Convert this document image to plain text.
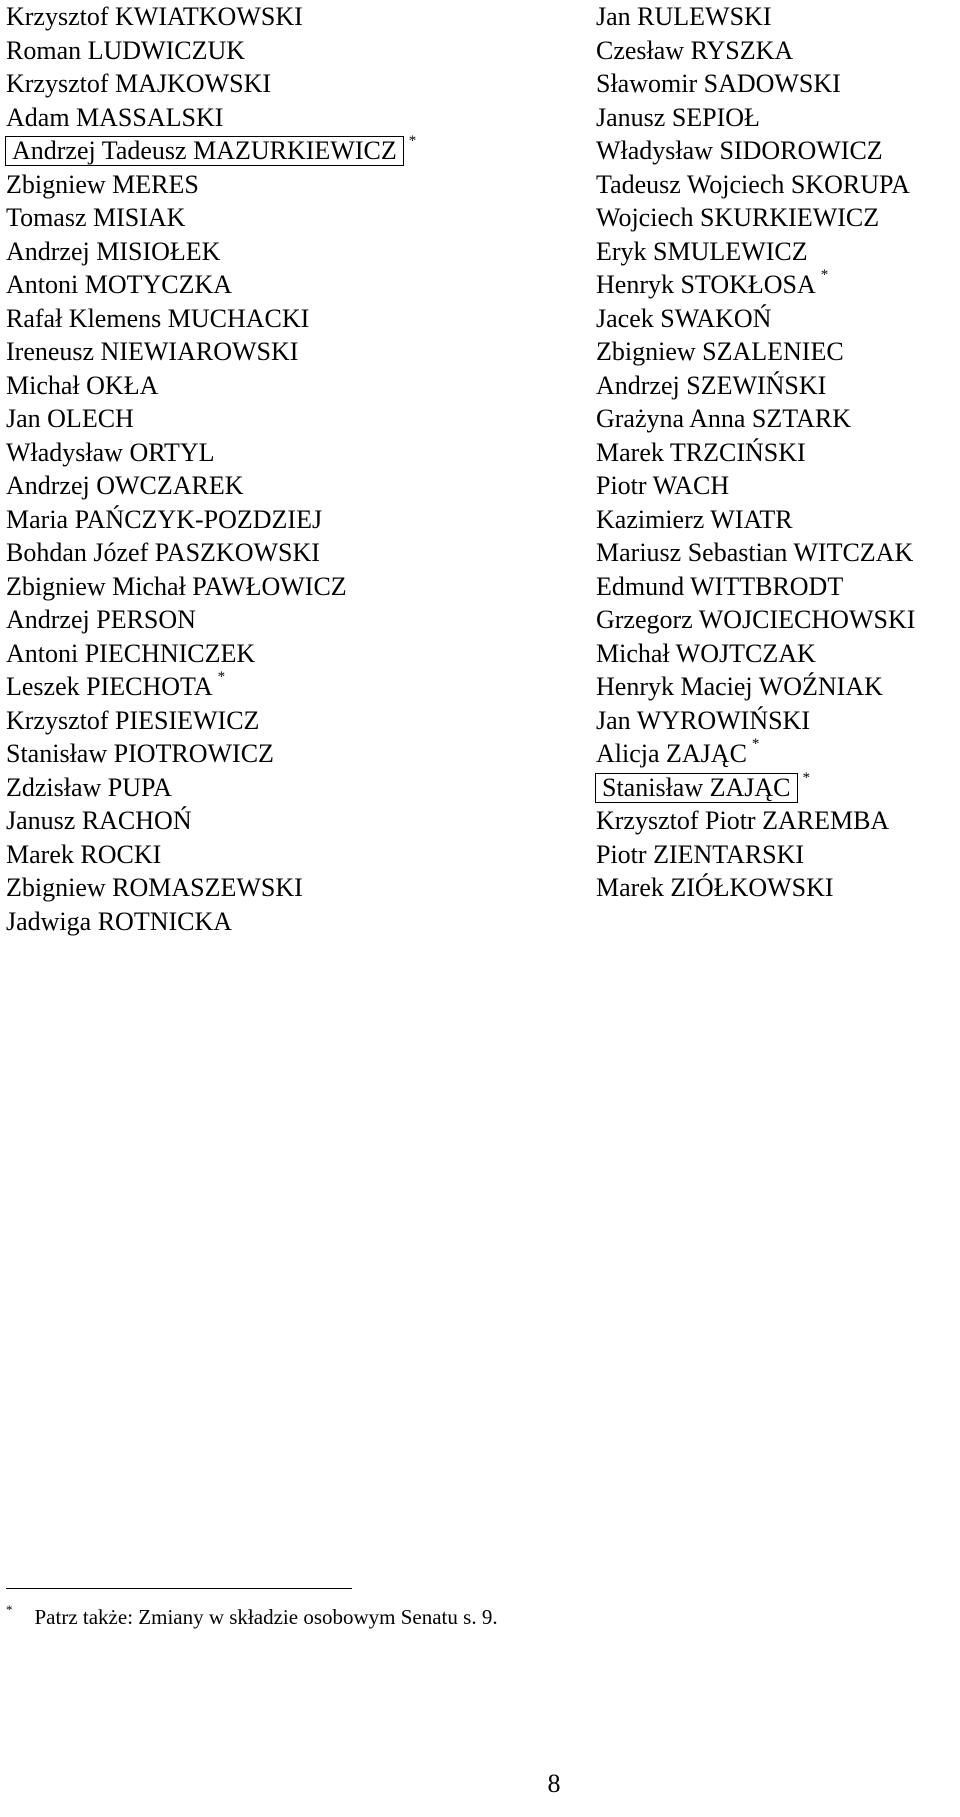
Krzysztof KWIATKOWSKI
Roman LUDWICZUK
Krzysztof MAJKOWSKI
Adam MASSALSKI
Andrzej Tadeusz MAZURKIEWICZ *
Zbigniew MERES
Tomasz MISIAK
Andrzej MISIOŁEK
Antoni MOTYCZKA
Rafał Klemens MUCHACKI
Ireneusz NIEWIAROWSKI
Michał OKŁA
Jan OLECH
Władysław ORTYL
Andrzej OWCZAREK
Maria PAŃCZYK-POZDZIEJ
Bohdan Józef PASZKOWSKI
Zbigniew Michał PAWŁOWICZ
Andrzej PERSON
Antoni PIECHNICZEK
Leszek PIECHOTA *
Krzysztof PIESIEWICZ
Stanisław PIOTROWICZ
Zdzisław PUPA
Janusz RACHOŃ
Marek ROCKI
Zbigniew ROMASZEWSKI
Jadwiga ROTNICKA
Jan RULEWSKI
Czesław RYSZKA
Sławomir SADOWSKI
Janusz SEPIOŁ
Władysław SIDOROWICZ
Tadeusz Wojciech SKORUPA
Wojciech SKURKIEWICZ
Eryk SMULEWICZ
Henryk STOKŁOSA *
Jacek SWAKOŃ
Zbigniew SZALENIEC
Andrzej SZEWIŃSKI
Grażyna Anna SZTARK
Marek TRZCIŃSKI
Piotr WACH
Kazimierz WIATR
Mariusz Sebastian WITCZAK
Edmund WITTBRODT
Grzegorz WOJCIECHOWSKI
Michał WOJTCZAK
Henryk Maciej WOŹNIAK
Jan WYROWIŃSKI
Alicja ZAJĄC *
Stanisław ZAJĄC *
Krzysztof Piotr ZAREMBA
Piotr ZIENTARSKI
Marek ZIÓŁKOWSKI
* Patrz także: Zmiany w składzie osobowym Senatu s. 9.
8
